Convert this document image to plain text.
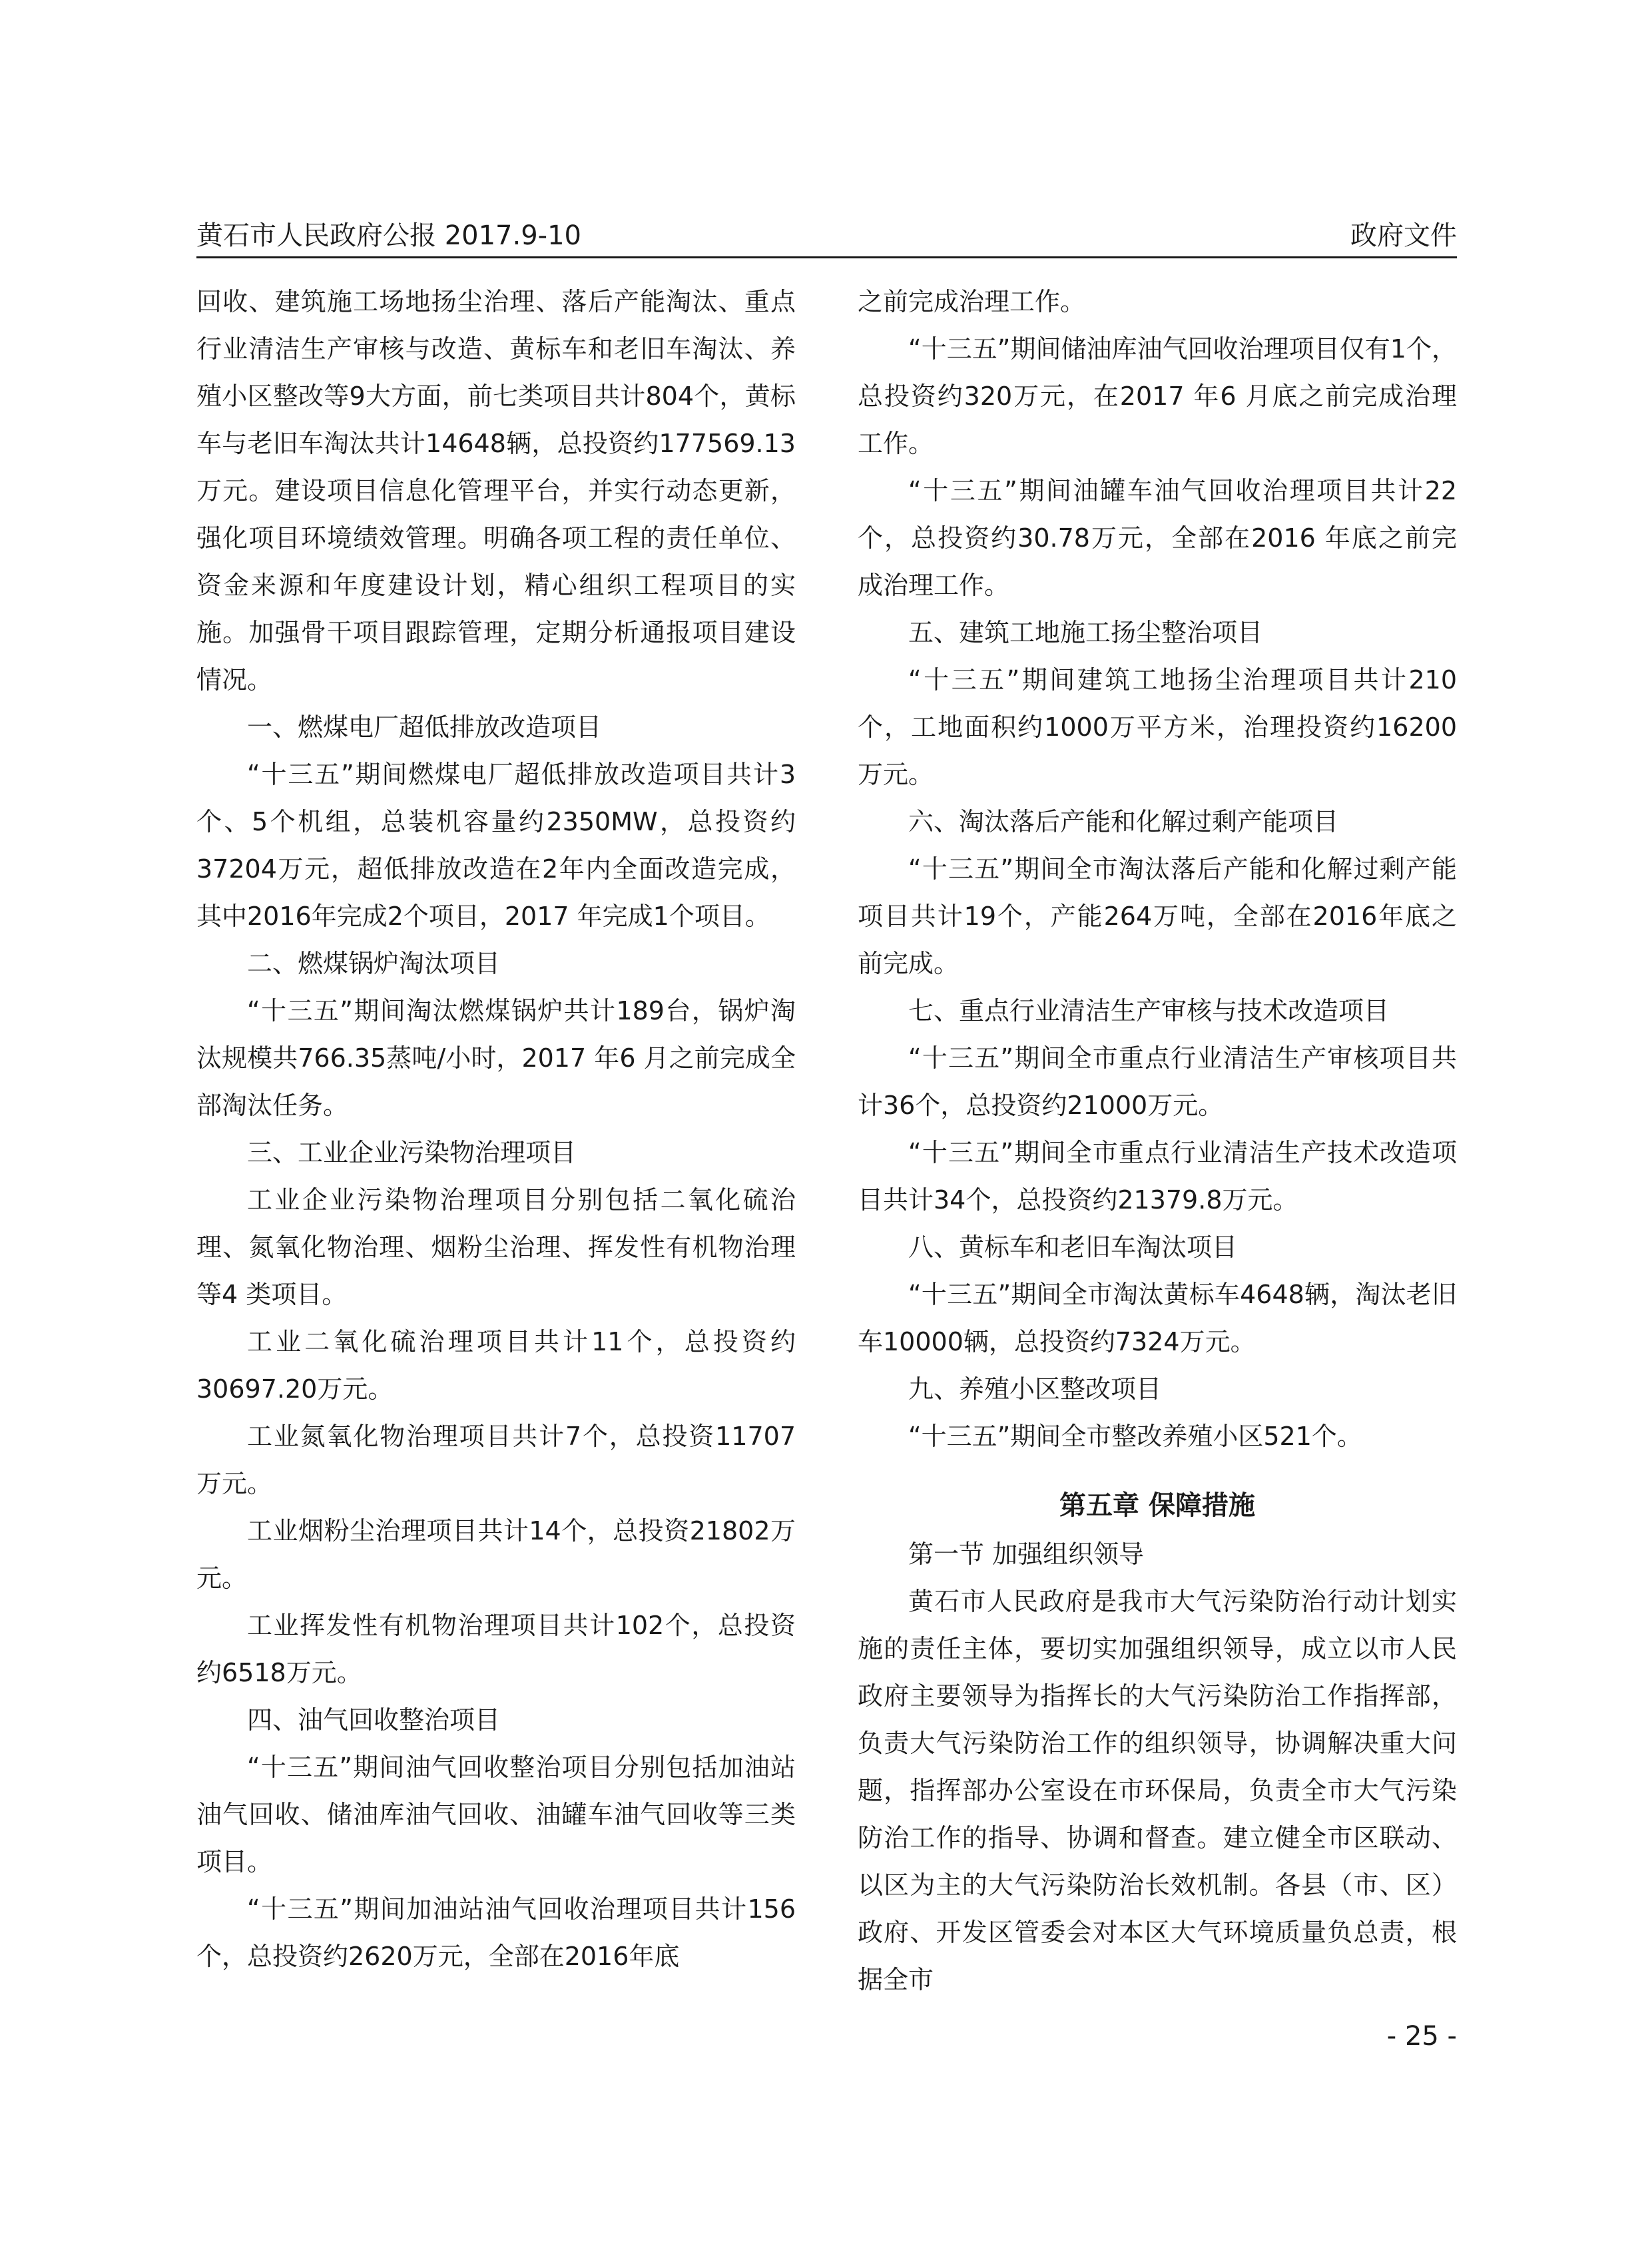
黄石市人民政府公报 2017.9-10	政府文件

回收、建筑施工场地扬尘治理、落后产能淘汰、重点行业清洁生产审核与改造、黄标车和老旧车淘汰、养殖小区整改等9大方面，前七类项目共计804个，黄标车与老旧车淘汰共计14648辆，总投资约177569.13万元。建设项目信息化管理平台，并实行动态更新，强化项目环境绩效管理。明确各项工程的责任单位、资金来源和年度建设计划，精心组织工程项目的实施。加强骨干项目跟踪管理，定期分析通报项目建设情况。

一、燃煤电厂超低排放改造项目

“十三五”期间燃煤电厂超低排放改造项目共计3个、5个机组，总装机容量约2350MW，总投资约37204万元，超低排放改造在2年内全面改造完成，其中2016年完成2个项目，2017 年完成1个项目。

二、燃煤锅炉淘汰项目

“十三五”期间淘汰燃煤锅炉共计189台，锅炉淘汰规模共766.35蒸吨/小时，2017 年6 月之前完成全部淘汰任务。

三、工业企业污染物治理项目

工业企业污染物治理项目分别包括二氧化硫治理、氮氧化物治理、烟粉尘治理、挥发性有机物治理等4 类项目。

工业二氧化硫治理项目共计11个，总投资约30697.20万元。

工业氮氧化物治理项目共计7个，总投资11707万元。

工业烟粉尘治理项目共计14个，总投资21802万元。

工业挥发性有机物治理项目共计102个，总投资约6518万元。

四、油气回收整治项目

“十三五”期间油气回收整治项目分别包括加油站油气回收、储油库油气回收、油罐车油气回收等三类项目。

“十三五”期间加油站油气回收治理项目共计156个，总投资约2620万元，全部在2016年底

之前完成治理工作。

“十三五”期间储油库油气回收治理项目仅有1个，总投资约320万元，在2017 年6 月底之前完成治理工作。

“十三五”期间油罐车油气回收治理项目共计22个，总投资约30.78万元，全部在2016 年底之前完成治理工作。

五、建筑工地施工扬尘整治项目

“十三五”期间建筑工地扬尘治理项目共计210个，工地面积约1000万平方米，治理投资约16200万元。

六、淘汰落后产能和化解过剩产能项目

“十三五”期间全市淘汰落后产能和化解过剩产能项目共计19个，产能264万吨，全部在2016年底之前完成。

七、重点行业清洁生产审核与技术改造项目

“十三五”期间全市重点行业清洁生产审核项目共计36个，总投资约21000万元。

“十三五”期间全市重点行业清洁生产技术改造项目共计34个，总投资约21379.8万元。

八、黄标车和老旧车淘汰项目

“十三五”期间全市淘汰黄标车4648辆，淘汰老旧车10000辆，总投资约7324万元。

九、养殖小区整改项目

“十三五”期间全市整改养殖小区521个。

第五章 保障措施

第一节 加强组织领导

黄石市人民政府是我市大气污染防治行动计划实施的责任主体，要切实加强组织领导，成立以市人民政府主要领导为指挥长的大气污染防治工作指挥部，负责大气污染防治工作的组织领导，协调解决重大问题，指挥部办公室设在市环保局，负责全市大气污染防治工作的指导、协调和督查。建立健全市区联动、以区为主的大气污染防治长效机制。各县（市、区）政府、开发区管委会对本区大气环境质量负总责，根据全市

- 25 -
